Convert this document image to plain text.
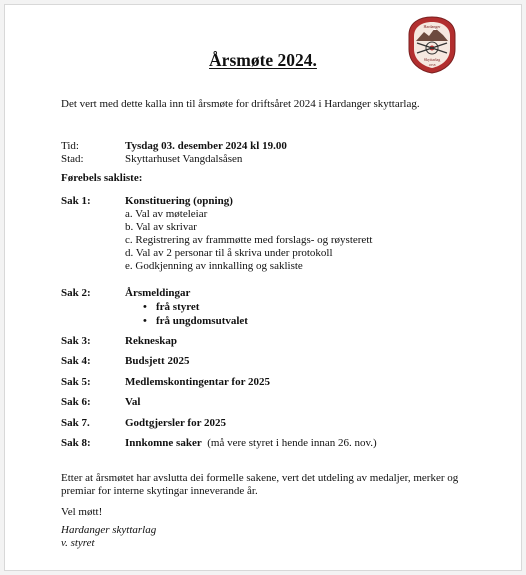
Hardanger
Skyttarlag
1858
Årsmøte 2024.
Det vert med dette kalla inn til årsmøte for driftsåret 2024 i Hardanger skyttarlag.
Tid:	Tysdag 03. desember 2024 kl 19.00
Stad:	Skyttarhuset Vangdalsåsen
Førebels sakliste:
Sak 1:	Konstituering (opning)
a. Val av møteleiar
b. Val av skrivar
c. Registrering av frammøtte med forslags- og røysterett
d. Val av 2 personar til å skriva under protokoll
e. Godkjenning av innkalling og sakliste
Sak 2:	Årsmeldingar
• frå styret
• frå ungdomsutvalet
Sak 3:	Rekneskap
Sak 4:	Budsjett 2025
Sak 5:	Medlemskontingentar for 2025
Sak 6:	Val
Sak 7.	Godtgjersler for 2025
Sak 8:	Innkomne saker (må vere styret i hende innan 26. nov.)
Etter at årsmøtet har avslutta dei formelle sakene, vert det utdeling av medaljer, merker og
premiar for interne skytingar inneverande år.
Vel møtt!
Hardanger skyttarlag
v. styret
